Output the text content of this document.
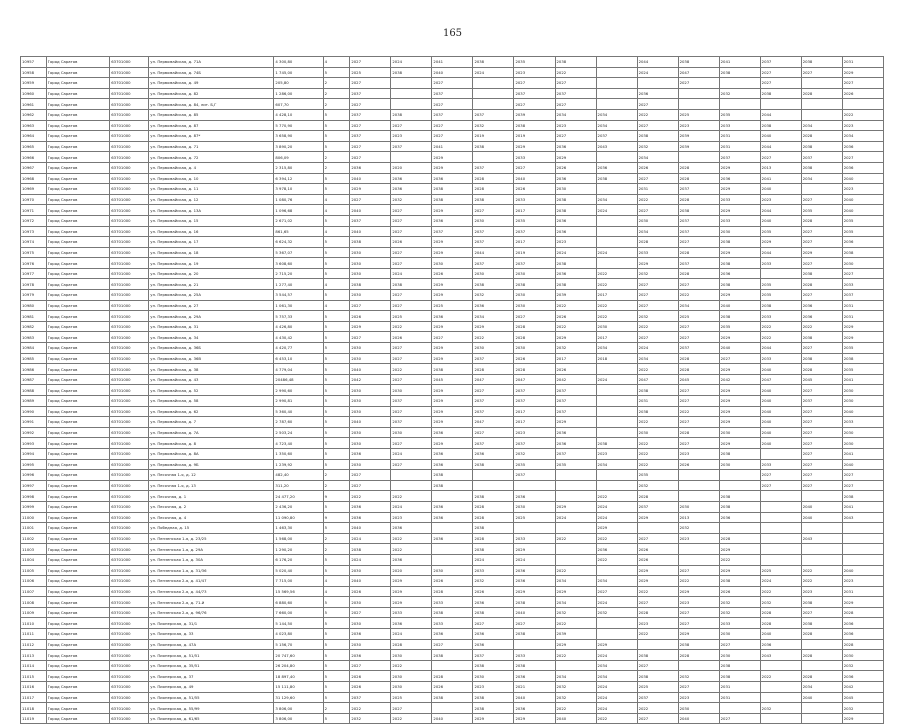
165
10957	Город Саратов	63701000	ул. Первомайская, д. 71А	4 300,80	4	2027	2024	2041	2038	2035	2038		2044	2038	2041	2037	2038	2031
10958	Город Саратов	63701000	ул. Первомайская, д. 74Б	1 745,00	5	2025	2038	2040	2024	2023	2022		2024	2047	2038	2027	2027	2029
10959	Город Саратов	63701000	ул. Первомайская, д. 49	205,80	2	2027		2027		2027	2027			2027		2027		2027
10960	Город Саратов	63701000	ул. Первомайская, д. 82	1 286,00	2	2037		2037		2037	2037		2036		2032	2038	2028	2026
10961	Город Саратов	63701000	ул. Первомайская, д. 84, лит. Б,Г	607,70	2	2027		2027		2027	2027		2027					
10962	Город Саратов	63701000	ул. Первомайская, д. 85	4 428,10	5	2037	2038	2037	2037	2039	2034	2034	2022	2025	2035	2044		2022
10963	Город Саратов	63701000	ул. Первомайская, д. 87	5 770,90	5	2027	2027	2027	2032	2038	2023	2034	2027	2023	2033	2038	2034	2023
10964	Город Саратов	63701000	ул. Первомайская, д. 87*	3 658,90	5	2037	2023	2027	2019	2019	2027	2037	2038	2039	2031	2040	2028	2034
10965	Город Саратов	63701000	ул. Первомайская, д. 71	3 890,20	5	2027	2037	2041	2038	2029	2036	2043	2032	2039	2031	2044	2038	2036
10966	Город Саратов	63701000	ул. Первомайская, д. 72	806,09	2	2027		2029		2033	2029		2034		2037	2027	2037	2027
10967	Город Саратов	63701000	ул. Первомайская, д. 4	2 315,80	2	2036	2020	2029	2037	2027	2026	2036	2026	2028	2029	2013	2038	2036
10968	Город Саратов	63701000	ул. Первомайская, д. 10	6 394,12	5	2040	2036	2036	2028	2040	2036	2038	2027	2028	2036	2041	2034	2040
10969	Город Саратов	63701000	ул. Первомайская, д. 11	3 978,10	5	2029	2036	2038	2028	2026	2030		2031	2037	2029	2040		2023
10970	Город Саратов	63701000	ул. Первомайская, д. 12	1 080,76	4	2027	2032	2038	2038	2033	2038	2034	2022	2028	2033	2023	2027	2040
10971	Город Саратов	63701000	ул. Первомайская, д. 13А	1 096,68	4	2040	2027	2029	2027	2017	2038	2024	2027	2038	2029	2044	2035	2040
10972	Город Саратов	63701000	ул. Первомайская, д. 15	2 671,02	5	2037	2027	2036	2030	2035	2036		2030	2037	2033	2040	2028	2035
10973	Город Саратов	63701000	ул. Первомайская, д. 16	861,65	4	2040	2027	2037	2037	2037	2036		2034	2037	2030	2035	2027	2035
10974	Город Саратов	63701000	ул. Первомайская, д. 17	6 624,32	5	2038	2026	2029	2037	2017	2023		2028	2027	2038	2029	2027	2036
10975	Город Саратов	63701000	ул. Первомайская, д. 18	5 367,07	5	2030	2027	2029	2044	2019	2024	2024	2033	2028	2029	2044	2029	2038
10976	Город Саратов	63701000	ул. Первомайская, д. 19	3 608,60	5	2030	2027	2030	2037	2037	2038		2029	2037	2038	2033	2027	2030
10977	Город Саратов	63701000	ул. Первомайская, д. 20	2 715,20	5	2030	2024	2026	2030	2030	2036	2022	2032	2028	2036		2038	2027
10978	Город Саратов	63701000	ул. Первомайская, д. 21	1 277,40	4	2038	2038	2029	2038	2038	2038	2022	2027	2027	2038	2035	2028	2033
10979	Город Саратов	63701000	ул. Первомайская, д. 25А	3 544,57	5	2030	2027	2029	2032	2030	2039	2017	2027	2022	2029	2035	2027	2037
10980	Город Саратов	63701000	ул. Первомайская, д. 27	1 061,30	4	2027	2027	2025	2036	2030	2022	2022	2027	2034	2040	2038	2036	2031
10981	Город Саратов	63701000	ул. Первомайская, д. 29А	5 757,33	5	2026	2025	2036	2034	2027	2026	2022	2032	2025	2038	2033	2036	2031
10982	Город Саратов	63701000	ул. Первомайская, д. 31	4 426,80	5	2029	2022	2029	2029	2028	2022	2030	2022	2027	2035	2022	2022	2029
10983	Город Саратов	63701000	ул. Первомайская, д. 34	4 430,42	5	2027	2026	2027	2022	2028	2029	2017	2027	2027	2029	2022	2038	2029
10984	Город Саратов	63701000	ул. Первомайская, д. 36Б	4 420,77	5	2030	2027	2029	2030	2030	2032	2034	2024	2037	2040	2044	2027	2035
10985	Город Саратов	63701000	ул. Первомайская, д. 36В	6 453,10	5	2030	2027	2029	2037	2026	2017	2018	2034	2028	2027	2033	2038	2038
10986	Город Саратов	63701000	ул. Первомайская, д. 38	4 779,04	5	2040	2022	2038	2028	2028	2026		2022	2028	2029	2040	2028	2035
10987	Город Саратов	63701000	ул. Первомайская, д. 43	20486,48	5	2042	2027	2045	2047	2047	2042	2024	2047	2045	2042	2047	2045	2041
10988	Город Саратов	63701000	ул. Первомайская, д. 52	2 990,60	5	2030	2030	2029	2027	2037	2037		2038	2027	2029	2040	2027	2030
10989	Город Саратов	63701000	ул. Первомайская, д. 58	2 990,81	5	2030	2037	2029	2037	2037	2037		2031	2027	2029	2040	2037	2030
10990	Город Саратов	63701000	ул. Первомайская, д. 62	5 360,40	5	2030	2027	2029	2037	2017	2037		2038	2022	2029	2040	2027	2040
10991	Город Саратов	63701000	ул. Первомайская, д. 7	2 787,60	5	2040	2037	2029	2047	2017	2029		2022	2027	2029	2040	2027	2033
10992	Город Саратов	63701000	ул. Первомайская, д. 7А	2 503,24	5	2030	2030	2036	2027	2023	2036		2030	2028	2030	2040	2027	2030
10993	Город Саратов	63701000	ул. Первомайская, д. 8	4 723,40	5	2030	2027	2029	2037	2037	2036	2038	2022	2027	2029	2040	2027	2030
10994	Город Саратов	63701000	ул. Первомайская, д. 8А	1 350,60	5	2036	2024	2036	2036	2032	2037	2023	2022	2023	2038		2027	2041
10995	Город Саратов	63701000	ул. Первомайская, д. 9Б	1 239,92	5	2030	2027	2036	2038	2035	2035	2034	2022	2026	2030	2033	2027	2040
10996	Город Саратов	63701000	ул. Песочная 1-я, д. 12	482,40	2	2027		2038		2037			2035			2027	2027	2027
10997	Город Саратов	63701000	ул. Песочная 1-я, д. 13	311,20	2	2027		2038					2032			2027	2027	2027
10998	Город Саратов	63701000	ул. Песочная, д. 1	24 477,20	9	2022	2022		2038	2036		2022	2028		2038			2038
10999	Город Саратов	63701000	ул. Песочная, д. 2	2 436,20	5	2036	2024	2036	2028	2030	2029	2024	2037	2030	2038		2040	2041
11000	Город Саратов	63701000	ул. Песочная, д. 4	11 090,80	9	2036	2023	2036	2028	2025	2024	2024	2029	2013	2036		2040	2043
11001	Город Саратов	63701000	ул. Победная, д. 15	1 463,30	5	2040	2036		2038			2029		2032				
11002	Город Саратов	63701000	ул. Пензенская 1-я, д. 23/25	1 568,00	2	2024	2022	2036	2028	2033	2022	2022	2027	2023	2028		2043	
11003	Город Саратов	63701000	ул. Пензенская 1-я, д. 29А	1 290,20	2	2038	2022		2038	2029		2036	2026		2029			
11004	Город Саратов	63701000	ул. Пензенская 1-я, д. 30А	6 176,20	5	2024	2036		2024	2024		2022	2026		2022			
11005	Город Саратов	63701000	ул. Пензенская 1-я, д. 31/36	5 020,40	5	2030	2020	2030	2033	2036	2022		2029	2027	2029	2025	2022	2040
11006	Город Саратов	63701000	ул. Пензенская 2-я, д. 41/47	7 715,00	4	2040	2029	2026	2032	2036	2034	2034	2029	2022	2038	2024	2022	2023
11007	Город Саратов	63701000	ул. Пензенская 2-я, д. 44/73	15 569,56	4	2026	2029	2028	2026	2029	2029	2027	2022	2029	2026	2022	2023	2031
11008	Город Саратов	63701000	ул. Пензенская 2-я, д. 71-й	6 880,60	5	2030	2029	2033	2036	2038	2034	2024	2027	2023	2032	2032	2038	2029
11009	Город Саратов	63701000	ул. Пензенская 2-я, д. 96/76	7 660,00	5	2027	2033	2038	2038	2040	2032	2032	2028	2027	2032	2028	2027	2028
11010	Город Саратов	63701000	ул. Пионерская, д. 31/1	5 144,50	5	2030	2036	2033	2027	2027	2022		2023	2027	2033	2028	2038	2036
11011	Город Саратов	63701000	ул. Пионерская, д. 33	4 023,80	5	2036	2024	2036	2036	2038	2039		2022	2029	2030	2040	2028	2036
11012	Город Саратов	63701000	ул. Пионерская, д. 47А	5 156,70	5	2030	2028	2027	2036		2029	2029		2038	2027	2036		2028
11013	Город Саратов	63701000	ул. Пионерская, д. 51/51	20 747,60	5	2036	2030	2038	2037	2033	2022	2024	2038	2028	2030	2043	2028	2030
11014	Город Саратов	63701000	ул. Пионерская, д. 35/51	26 204,80	5	2027	2022		2038	2038		2034	2027		2038			2032
11015	Город Саратов	63701000	ул. Пионерская, д. 37	18 897,40	5	2026	2030	2028	2030	2036	2034	2034	2038	2032	2038	2022	2028	2036
11016	Город Саратов	63701000	ул. Пионерская, д. 49	15 111,80	5	2026	2030	2026	2023	2021	2032	2024	2025	2027	2031		2034	2042
11017	Город Саратов	63701000	ул. Пионерская, д. 51/55	31 129,60	5	2037	2025	2038	2038	2040	2032	2024	2037	2023	2031		2040	2045
11018	Город Саратов	63701000	ул. Пионерская, д. 55/99	3 806,00	2	2022	2027		2038	2036	2022	2024	2022	2030		2032		2032
11019	Город Саратов	63701000	ул. Пионерская, д. 61/65	3 806,00	5	2032	2022	2040	2029	2029	2040	2022	2027	2040	2027			2029
